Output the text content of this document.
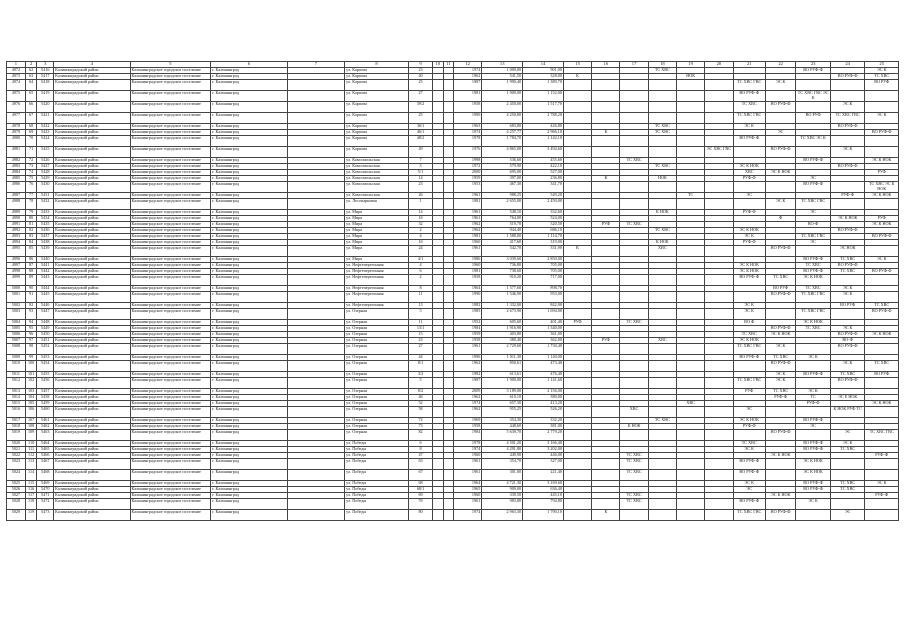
1	2	3	4	5	6	7	8	9	10	11	12	13	14	15	16	17	18	19	20	21	22	23	24	25
4972	62	5416	Калининградский район	Калининградское городское поселение	г. Калининград		ул. Карпова	23			1974	1 009,00	901,00				ТС ХВС					ВО РУФ-Ф		ЭС К
4973	63	5417	Калининградский район	Калининградское городское поселение	г. Калининград		ул. Карпова	40			1962	541,50	328,00	К				НОК					ВО РУФ-Ф	ТС ХВС
4974	64	5418	Калининградский район	Калининградское городское поселение	г. Калининград		ул. Карпова	25			1987	1 990,40	1 389,70							ТС ХВС ГВС	ЭС К			ВО РУФ
4975	65	5419	Калининградский район	Калининградское городское поселение	г. Калининград		ул. Карпова	27			1981	1 900,00	1 152,00							ВО РУФ-Ф		ТС ХВС ГВС ЭС К		
4976	66	5420	Калининградский район	Калининградское городское поселение	г. Калининград		ул. Карпова	39/2			1958	2 450,00	1 517,70							ТС ХВС	ВО РУФ-Ф		ЭС К	
4977	67	5421	Калининградский район	Калининградское городское поселение	г. Калининград		ул. Карпова	25			1990	4 250,80	2 788,20							ТС ХВС ГВС		ВО РУФ	ТС ХВС ГВС	ЭС К
4978	68	5422	Калининградский район	Калининградское городское поселение	г. Калининград		ул. Карпова	36/1			1963	683,80	426,80				ТС ХВС			ЭС К			ВО РУФ-Ф	
4979	69	5423	Калининградский район	Калининградское городское поселение	г. Калининград		ул. Карпова	46/1			1974	4 257,77	2 966,10		К		ТС ХВС				ЭС			ВО РУФ-Ф
4980	70	5424	Калининградский район	Калининградское городское поселение	г. Калининград		ул. Карпова	48/2			1978	1 784,70	1 142,10							ВО РУФ-Ф		ТС ХВС ЭС К		
4981	71	5425	Калининградский район	Калининградское городское поселение	г. Калининград		ул. Карпова	49			1976	4 865,00	3 494,60						ЭС ХВС ГВС		ВО РУФ-Ф		ЭС К	
4982	72	5426	Калининградский район	Калининградское городское поселение	г. Калининград		ул. Комсомольская	7			1998	536,60	455,60			ТС ХВС						ВО РУФ-Ф		ЭС К НОК
4983	73	5427	Калининградский район	Калининградское городское поселение	г. Калининград		ул. Комсомольская	3			1972	579,90	422,10				ТС ХВС			ЭС К НОК			ВО РУФ-Ф	
4984	74	5428	Калининградский район	Калининградское городское поселение	г. Калининград		ул. Комсомольская	5/1			2000	695,00	527,00							ХВС	ЭС К НОК			РУФ
4985	75	5429	Калининградский район	Калининградское городское поселение	г. Калининград		ул. Комсомольская	14			1959	397,00	236,80		К		НОК			РУФ-Ф		ЭС		
4986	76	5430	Калининградский район	Калининградское городское поселение	г. Калининград		ул. Комсомольская	23			1953	467,30	341,70									ВО РУФ-Ф		ТС ХВС ЭС К НОК
4987	77	5431	Калининградский район	Калининградское городское поселение	г. Калининград		ул. Комсомольская	26			1961	988,25	549,20					ТС		ЭС			РУФ-Ф	ЭС К НОК
4988	78	5432	Калининградский район	Калининградское городское поселение	г. Калининград		ул. Лесопарковая	1			1981	2 655,00	2 459,00								ЭС К	ТС ХВС ГВС		
4989	79	5433	Калининградский район	Калининградское городское поселение	г. Калининград		ул. Мира	14			1961	548,10	332,60				К НОК			РУФ-Ф		ЭС		
4990	80	5434	Калининградский район	Калининградское городское поселение	г. Калининград		ул. Мира	16			1961	764,00	524,00								Ф		ЭС К НОК	РУФ
4991	81	5435	Калининградский район	Калининградское городское поселение	г. Калининград		ул. Мира	32			1962	519,70	320,50		РУФ	ТС ХВС						ВО-Ф		ЭС К НОК
4992	82	5436	Калининградский район	Калининградское городское поселение	г. Калининград		ул. Мира	2			1962	944,40	686,10				ТС ХВС			ЭС К НОК			ВО РУФ-Ф	
4993	83	5437	Калининградский район	Калининградское городское поселение	г. Калининград		ул. Мира	4			1981	1 588,00	1 114,70							ЭС К		ТС ХВС ГВС		ВО РУФ-Ф
4994	84	5438	Калининградский район	Калининградское городское поселение	г. Калининград		ул. Мира	16			1960	417,60	319,00				К НОК			РУФ-Ф		ЭС		
4995	85	5439	Калининградский район	Калининградское городское поселение	г. Калининград		ул. Мира	24			1961	542,70	331,90	К			ХВС				ВО РУФ-Ф		ЭС НОК	
4996	86	5440	Калининградский район	Калининградское городское поселение	г. Калининград		ул. Мира	4/1			1986	3 039,60	2 850,00									ВО РУФ-Ф	ТС ХВС	ЭС К
4997	87	5441	Калининградский район	Калининградское городское поселение	г. Калининград		ул. Нефтеперегонная	4			1960	736,80	705,00							ЭС К НОК		ТС ХВС	ВО РУФ-Ф	
4998	88	5442	Калининградский район	Калининградское городское поселение	г. Калининград		ул. Нефтеперегонная	6			1981	738,60	705,00							ЭС К НОК		ВО РУФ-Ф	ТС ХВС	ВО РУФ-Ф
4999	89	5443	Калининградский район	Калининградское городское поселение	г. Калининград		ул. Нефтеперегонная	2			1958	910,20	717,00							ВО РУФ-Ф	ТС ХВС	ЭС К НОК		
5000	90	5444	Калининградский район	Калининградское городское поселение	г. Калининград		ул. Нефтеперегонная	8			1964	1 577,60	898,70								ВО РУФ	ТС ХВС	ЭС К	
5001	91	5445	Калининградский район	Калининградское городское поселение	г. Калининград		ул. Нефтеперегонная	11			1990	1 546,90	953,00								ВО РУФ-Ф	ТС ХВС ГВС	ЭС К	
5002	92	5446	Калининградский район	Калининградское городское поселение	г. Калининград		ул. Нефтеперегонная	13			1982	1 332,00	842,00							ЭС К			ВО РУФ	ТС ХВС
5003	93	5447	Калининградский район	Калининградское городское поселение	г. Калининград		ул. Озерная	5			1985	2 673,90	1 694,00							ЭС К		ТС ХВС ГВС		ВО РУФ-Ф
5004	94	5448	Калининградский район	Калининградское городское поселение	г. Калининград		ул. Озерная	11			1952	605,60	401,40	РУФ		ТС ХВС				ВО Ф		ЭС К НОК		
5005	95	5449	Калининградский район	Калининградское городское поселение	г. Калининград		ул. Озерная	13/1			1984	1 916,90	1 340,00								ВО РУФ-Ф	ТС ХВС	ЭС К	
5006	96	5450	Калининградский район	Калининградское городское поселение	г. Калининград		ул. Озерная	15			1959	403,80	361,00							ТС ХВС	ЭС К НОК		ВО РУФ-Ф	ЭС К НОК
5007	97	5451	Калининградский район	Калининградское городское поселение	г. Калининград		ул. Озерная	23			1958	380,40	362,00		РУФ		ХВС			ЭС К НОК			ВО-Ф	
5008	98	5452	Калининградский район	Калининградское городское поселение	г. Калининград		ул. Озерная	27			1961	2 729,60	1 730,40							ТС ХВС ГВС	ЭС К		ВО РУФ-Ф	
5009	99	5453	Калининградский район	Калининградское городское поселение	г. Калининград		ул. Озерная	44			1996	1 011,30	1 140,00							ВО РУФ-Ф	ТС ХВС	ЭС К		
5010	100	5454	Калининградский район	Калининградское городское поселение	г. Калининград		ул. Озерная	8/1			1962	850,61	473,40								ВО РУФ-Ф		ЭС К	ТС ХВС
5011	101	5455	Калининградский район	Калининградское городское поселение	г. Калининград		ул. Озерная	3/2			1982	613,61	476,40								ЭС К	ВО РУФ-Ф	ТС ХВС	ВО РУФ
5012	102	5456	Калининградский район	Калининградское городское поселение	г. Калининград		ул. Озерная	5			1987	1 900,00	1 141,60							ТС ХВС ГВС	ЭС К		ВО РУФ-Ф	
5013	103	5457	Калининградский район	Калининградское городское поселение	г. Калининград		ул. Озерная	8/2			2009	3 189,00	2 156,00							РУФ	ТС ХВС	ЭС К		
5014	104	5458	Калининградский район	Калининградское городское поселение	г. Калининград		ул. Озерная	46			1962	610,10	380,00								РУФ-Ф	ТС	ЭС Е НОК	
5015	105	5459	Калининградский район	Калининградское городское поселение	г. Калининград		ул. Озерная	52			1974	657,30	413,20					ХВС				РУФ-Ф		ЭС К НОК
5016	106	5460	Калининградский район	Калининградское городское поселение	г. Калининград		ул. Озерная	58			1962	955,25	526,20			ХВС				ЭС			К НОК РУФ ТС	
5017	107	5461	Калининградский район	Калининградское городское поселение	г. Калининград		ул. Озерная	72			1969	354,30	332,20				ТС ХВС			ЭС К НОК		ВО РУФ-Ф		
5018	108	5462	Калининградский район	Калининградское городское поселение	г. Калининград		ул. Озерная	73			1958	448,60	381,00			К НОК				РУФ-Ф		ЭС		
5019	109	5463	Калининградский район	Калининградское городское поселение	г. Калининград		ул. Озерная	82			1984	5 639,70	2 779,20								ВО РУФ-Ф		ЭС	ТС ХВС ГВС
5020	110	5464	Калининградский район	Калининградское городское поселение	г. Калининград		ул. Победы	6			1978	4 501,20	3 166,40							ТС ХВС		ВО РУФ-Ф	ЭС К	
5021	111	5465	Калининградский район	Калининградское городское поселение	г. Калининград		ул. Победы	8			1974	4 291,80	3 202,00							ЭС К		ВО РУФ-Ф	ТС ХВС	
5022	112	5466	Калининградский район	Калининградское городское поселение	г. Калининград		ул. Победы	47			1960	449,90	446,00			ТС ХВС					ЭС К НОК			РУФ-Ф
5023	113	5467	Калининградский район	Калининградское городское поселение	г. Калининград		ул. Победы	63			1961	354,70	327,00			ТС ХВС				ВО РУФ-Ф		ЭС К НОК		
5024	114	5468	Калининградский район	Калининградское городское поселение	г. Калининград		ул. Победы	67			1961	301,00	221,40			ТС ХВС				ВО РУФ-Ф		ЭС К НОК		
5025	115	5469	Калининградский район	Калининградское городское поселение	г. Калининград		ул. Победы	68			1964	4 721,30	3 169,60							ЭС К		ВО РУФ-Ф	ТС ХВС	ЭС К
5026	116	5470	Калининградский район	Калининградское городское поселение	г. Калининград		ул. Победы	68/1			1965	909,00	636,40							ЭС		ВО РУФ-Ф	ТС ХВС	
5027	117	5471	Калининградский район	Калининградское городское поселение	г. Калининград		ул. Победы	69			1960	339,50	445,10			ТС ХВС					ЭС К НОК			РУФ-Ф
5028	118	5472	Калининградский район	Калининградское городское поселение	г. Калининград		ул. Победы	76			1961	983,80	794,80			ТС ХВС				ВО РУФ-Ф		ЭС К		
5029	119	5473	Калининградский район	Калининградское городское поселение	г. Калининград		ул. Победы	80			1974	2 963,30	1 790,10		К					ТС ХВС ГВС	ВО РУФ-Ф		ЭС	
